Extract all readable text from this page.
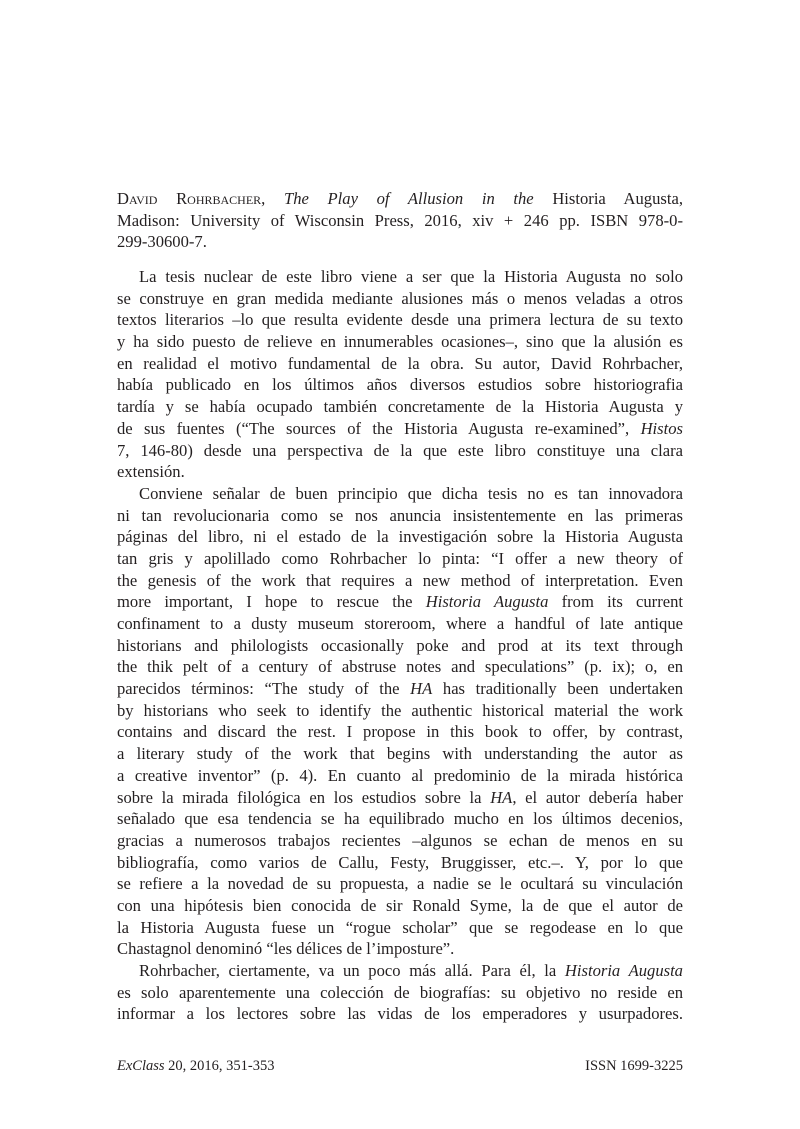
David Rohrbacher, The Play of Allusion in the Historia Augusta,
Madison: University of Wisconsin Press, 2016, xiv + 246 pp. ISBN 978-0-
299-30600-7.
La tesis nuclear de este libro viene a ser que la Historia Augusta no solo
se construye en gran medida mediante alusiones más o menos veladas a otros
textos literarios –lo que resulta evidente desde una primera lectura de su texto
y ha sido puesto de relieve en innumerables ocasiones–, sino que la alusión es
en realidad el motivo fundamental de la obra. Su autor, David Rohrbacher,
había publicado en los últimos años diversos estudios sobre historiografia
tardía y se había ocupado también concretamente de la Historia Augusta y
de sus fuentes (“The sources of the Historia Augusta re-examined”, Histos
7, 146-80) desde una perspectiva de la que este libro constituye una clara
extensión.
Conviene señalar de buen principio que dicha tesis no es tan innovadora
ni tan revolucionaria como se nos anuncia insistentemente en las primeras
páginas del libro, ni el estado de la investigación sobre la Historia Augusta
tan gris y apolillado como Rohrbacher lo pinta: “I offer a new theory of
the genesis of the work that requires a new method of interpretation. Even
more important, I hope to rescue the Historia Augusta from its current
confinament to a dusty museum storeroom, where a handful of late antique
historians and philologists occasionally poke and prod at its text through
the thik pelt of a century of abstruse notes and speculations” (p. ix); o, en
parecidos términos: “The study of the HA has traditionally been undertaken
by historians who seek to identify the authentic historical material the work
contains and discard the rest. I propose in this book to offer, by contrast,
a literary study of the work that begins with understanding the autor as
a creative inventor” (p. 4). En cuanto al predominio de la mirada histórica
sobre la mirada filológica en los estudios sobre la HA, el autor debería haber
señalado que esa tendencia se ha equilibrado mucho en los últimos decenios,
gracias a numerosos trabajos recientes –algunos se echan de menos en su
bibliografía, como varios de Callu, Festy, Bruggisser, etc.–. Y, por lo que
se refiere a la novedad de su propuesta, a nadie se le ocultará su vinculación
con una hipótesis bien conocida de sir Ronald Syme, la de que el autor de
la Historia Augusta fuese un “rogue scholar” que se regodease en lo que
Chastagnol denominó “les délices de l’imposture”.
Rohrbacher, ciertamente, va un poco más allá. Para él, la Historia Augusta
es solo aparentemente una colección de biografías: su objetivo no reside en
informar a los lectores sobre las vidas de los emperadores y usurpadores.
ExClass 20, 2016, 351-353	ISSN 1699-3225
